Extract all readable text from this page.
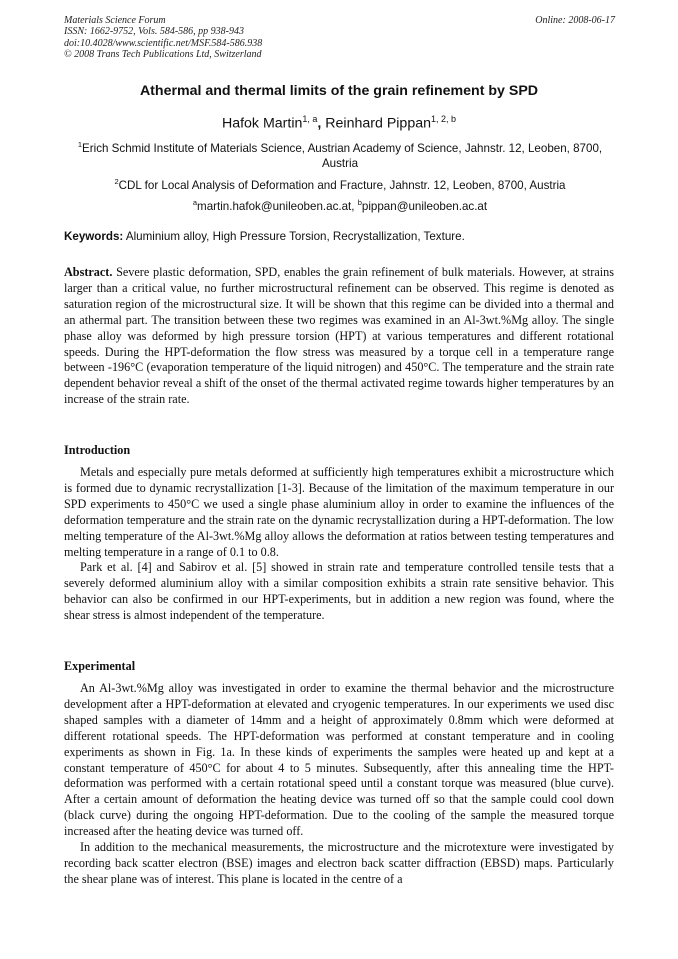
Materials Science Forum
ISSN: 1662-9752, Vols. 584-586, pp 938-943
doi:10.4028/www.scientific.net/MSF.584-586.938
© 2008 Trans Tech Publications Ltd, Switzerland
Online: 2008-06-17
Athermal and thermal limits of the grain refinement by SPD
Hafok Martin$^{1, a}$, Reinhard Pippan$^{1, 2, b}$
$^1$Erich Schmid Institute of Materials Science, Austrian Academy of Science, Jahnstr. 12, Leoben, 8700, Austria
$^2$CDL for Local Analysis of Deformation and Fracture, Jahnstr. 12, Leoben, 8700, Austria
$^a$martin.hafok@unileoben.ac.at, $^b$pippan@unileoben.ac.at
Keywords: Aluminium alloy, High Pressure Torsion, Recrystallization, Texture.

Abstract. Severe plastic deformation, SPD, enables the grain refinement of bulk materials. However, at strains larger than a critical value, no further microstructural refinement can be observed. This regime is denoted as saturation region of the microstructural size. It will be shown that this regime can be divided into a thermal and an athermal part. The transition between these two regimes was examined in an Al-3wt.%Mg alloy. The single phase alloy was deformed by high pressure torsion (HPT) at various temperatures and different rotational speeds. During the HPT-deformation the flow stress was measured by a torque cell in a temperature range between -196°C (evaporation temperature of the liquid nitrogen) and 450°C. The temperature and the strain rate dependent behavior reveal a shift of the onset of the thermal activated regime towards higher temperatures by an increase of the strain rate.

Introduction

Metals and especially pure metals deformed at sufficiently high temperatures exhibit a microstructure which is formed due to dynamic recrystallization [1-3]. Because of the limitation of the maximum temperature in our SPD experiments to 450°C we used a single phase aluminium alloy in order to examine the influences of the deformation temperature and the strain rate on the dynamic recrystallization during a HPT-deformation. The low melting temperature of the Al-3wt.%Mg alloy allows the deformation at ratios between testing temperatures and melting temperature in a range of 0.1 to 0.8.

Park et al. [4] and Sabirov et al. [5] showed in strain rate and temperature controlled tensile tests that a severely deformed aluminium alloy with a similar composition exhibits a strain rate sensitive behavior. This behavior can also be confirmed in our HPT-experiments, but in addition a new region was found, where the shear stress is almost independent of the temperature.

Experimental

An Al-3wt.%Mg alloy was investigated in order to examine the thermal behavior and the microstructure development after a HPT-deformation at elevated and cryogenic temperatures. In our experiments we used disc shaped samples with a diameter of 14mm and a height of approximately 0.8mm which were deformed at different rotational speeds. The HPT-deformation was performed at constant temperature and in cooling experiments as shown in Fig. 1a. In these kinds of experiments the samples were heated up and kept at a constant temperature of 450°C for about 4 to 5 minutes. Subsequently, after this annealing time the HPT-deformation was performed with a certain rotational speed until a constant torque was measured (blue curve). After a certain amount of deformation the heating device was turned off so that the sample could cool down (black curve) during the ongoing HPT-deformation. Due to the cooling of the sample the measured torque increased after the heating device was turned off.

In addition to the mechanical measurements, the microstructure and the microtexture were investigated by recording back scatter electron (BSE) images and electron back scatter diffraction (EBSD) maps. Particularly the shear plane was of interest. This plane is located in the centre of a
